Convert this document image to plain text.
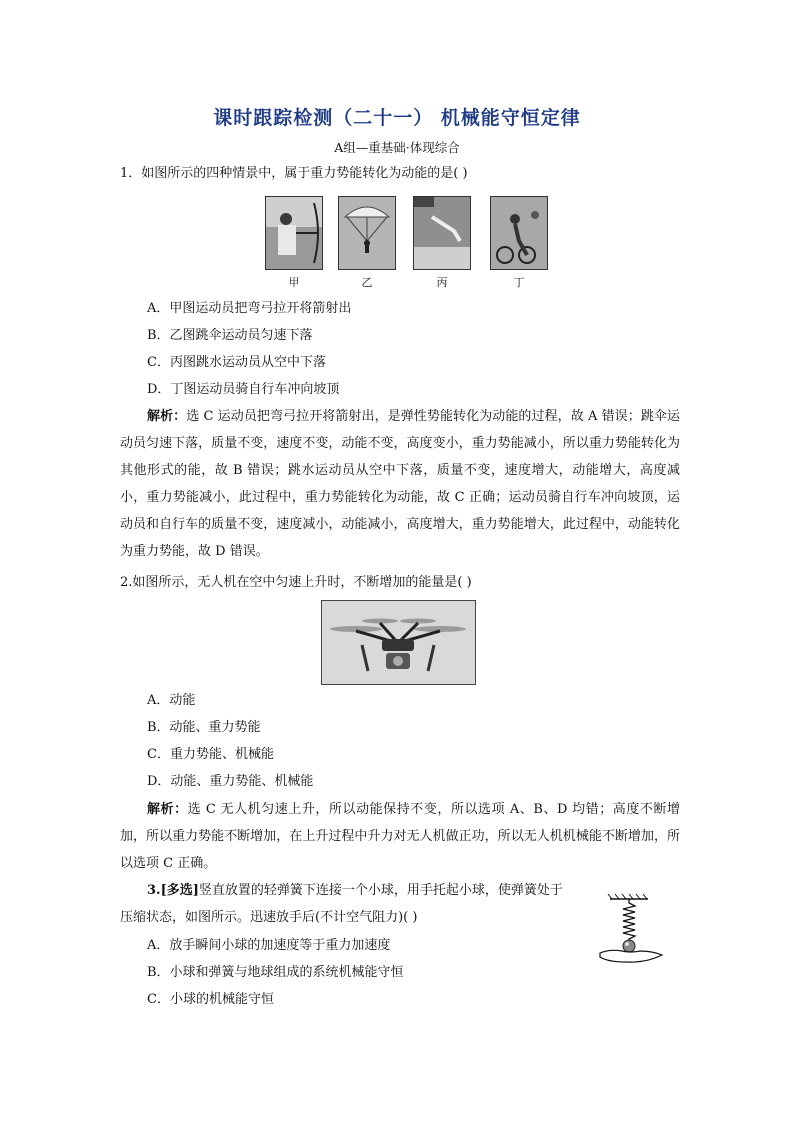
课时跟踪检测（二十一） 机械能守恒定律
A组—重基础·体现综合
1．如图所示的四种情景中，属于重力势能转化为动能的是( )
甲	乙	丙	丁
A．甲图运动员把弯弓拉开将箭射出
B．乙图跳伞运动员匀速下落
C．丙图跳水运动员从空中下落
D．丁图运动员骑自行车冲向坡顶
解析：选 C 运动员把弯弓拉开将箭射出，是弹性势能转化为动能的过程，故 A 错误；跳伞运动员匀速下落，质量不变，速度不变，动能不变，高度变小，重力势能减小，所以重力势能转化为其他形式的能，故 B 错误；跳水运动员从空中下落，质量不变，速度增大，动能增大，高度减小，重力势能减小，此过程中，重力势能转化为动能，故 C 正确；运动员骑自行车冲向坡顶，运动员和自行车的质量不变，速度减小，动能减小，高度增大，重力势能增大，此过程中，动能转化为重力势能，故 D 错误。
2.如图所示，无人机在空中匀速上升时，不断增加的能量是( )
A．动能
B．动能、重力势能
C．重力势能、机械能
D．动能、重力势能、机械能
解析：选 C 无人机匀速上升，所以动能保持不变，所以选项 A、B、D 均错；高度不断增加，所以重力势能不断增加，在上升过程中升力对无人机做正功，所以无人机机械能不断增加，所以选项 C 正确。
3.[多选]竖直放置的轻弹簧下连接一个小球，用手托起小球，使弹簧处于
压缩状态，如图所示。迅速放手后(不计空气阻力)( )
A．放手瞬间小球的加速度等于重力加速度
B．小球和弹簧与地球组成的系统机械能守恒
C．小球的机械能守恒
